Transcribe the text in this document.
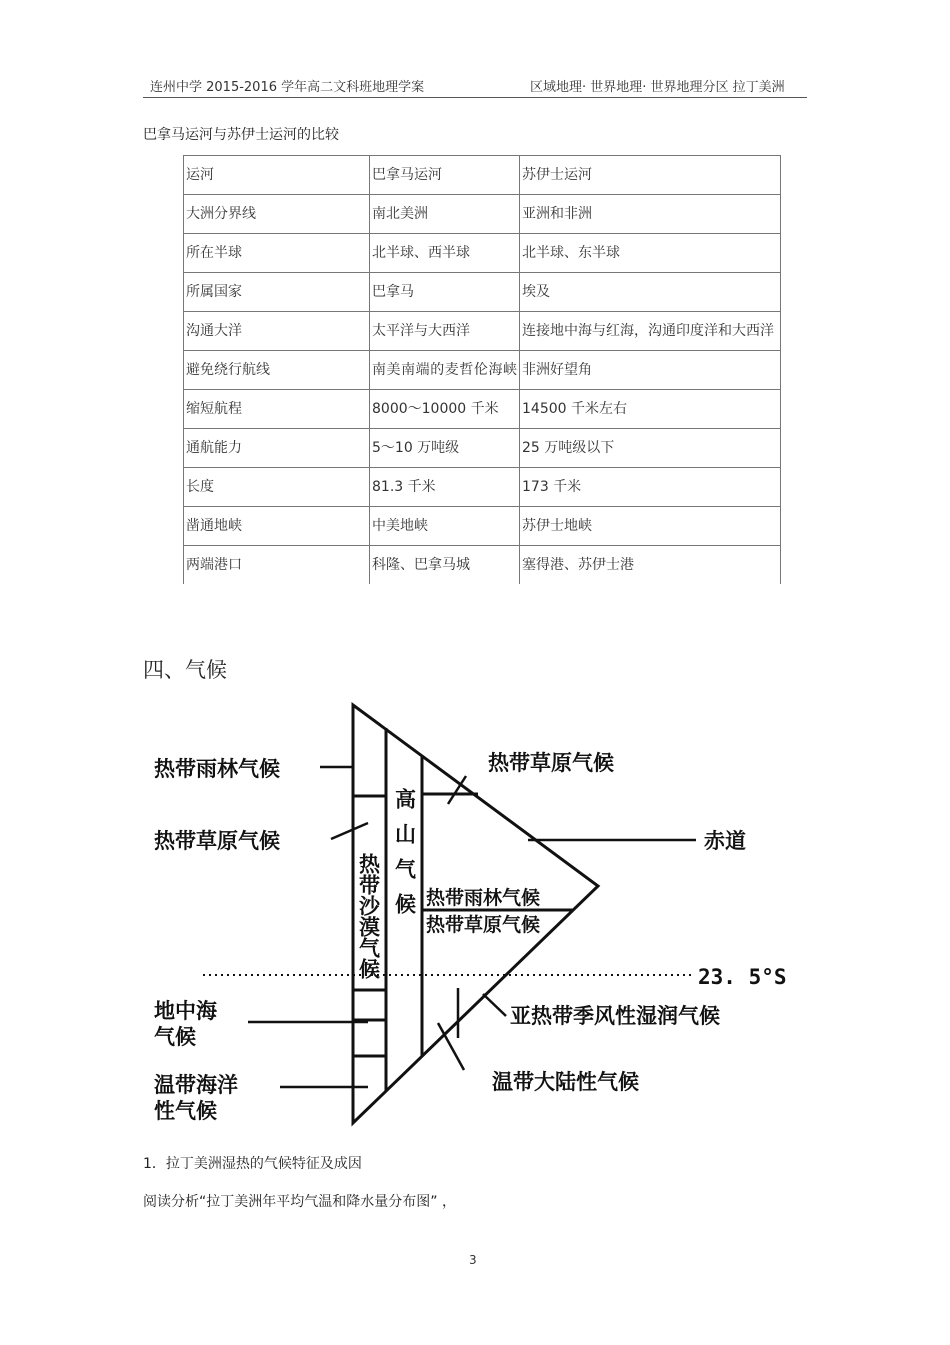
连州中学 2015-2016 学年高二文科班地理学案	区域地理· 世界地理· 世界地理分区 拉丁美洲
巴拿马运河与苏伊士运河的比较
运河	巴拿马运河	苏伊士运河
大洲分界线	南北美洲	亚洲和非洲
所在半球	北半球、西半球	北半球、东半球
所属国家	巴拿马	埃及
沟通大洋	太平洋与大西洋	连接地中海与红海，沟通印度洋和大西洋
避免绕行航线	南美南端的麦哲伦海峡	非洲好望角
缩短航程	8000～10000 千米	14500 千米左右
通航能力	5～10 万吨级	25 万吨级以下
长度	81.3 千米	173 千米
凿通地峡	中美地峡	苏伊士地峡
两端港口	科隆、巴拿马城	塞得港、苏伊士港
四、气候
热带雨林气候
热带草原气候
地中海
气候
温带海洋
性气候
热带沙漠气候 高山气候 热带雨林气候
热带草原气候
热带草原气候
赤道
23. 5°S
亚热带季风性湿润气候
温带大陆性气候
1．拉丁美洲湿热的气候特征及成因
阅读分析“拉丁美洲年平均气温和降水量分布图” ，
3
